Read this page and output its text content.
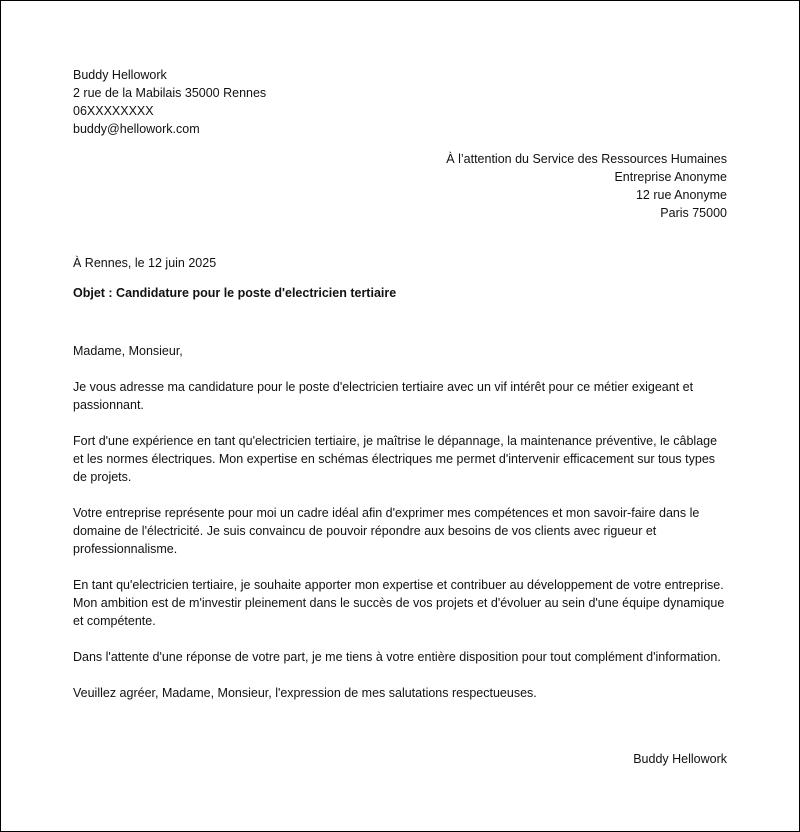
Buddy Hellowork
2 rue de la Mabilais 35000 Rennes
06XXXXXXXX
buddy@hellowork.com
À l’attention du Service des Ressources Humaines
Entreprise Anonyme
12 rue Anonyme
Paris 75000
À Rennes, le 12 juin 2025
Objet : Candidature pour le poste d'electricien tertiaire

Madame, Monsieur,

Je vous adresse ma candidature pour le poste d'electricien tertiaire avec un vif intérêt pour ce métier exigeant et passionnant.

Fort d'une expérience en tant qu'electricien tertiaire, je maîtrise le dépannage, la maintenance préventive, le câblage et les normes électriques. Mon expertise en schémas électriques me permet d'intervenir efficacement sur tous types de projets.

Votre entreprise représente pour moi un cadre idéal afin d'exprimer mes compétences et mon savoir-faire dans le domaine de l'électricité. Je suis convaincu de pouvoir répondre aux besoins de vos clients avec rigueur et professionnalisme.

En tant qu'electricien tertiaire, je souhaite apporter mon expertise et contribuer au développement de votre entreprise. Mon ambition est de m'investir pleinement dans le succès de vos projets et d'évoluer au sein d'une équipe dynamique et compétente.

Dans l'attente d'une réponse de votre part, je me tiens à votre entière disposition pour tout complément d'information.

Veuillez agréer, Madame, Monsieur, l'expression de mes salutations respectueuses.

Buddy Hellowork
